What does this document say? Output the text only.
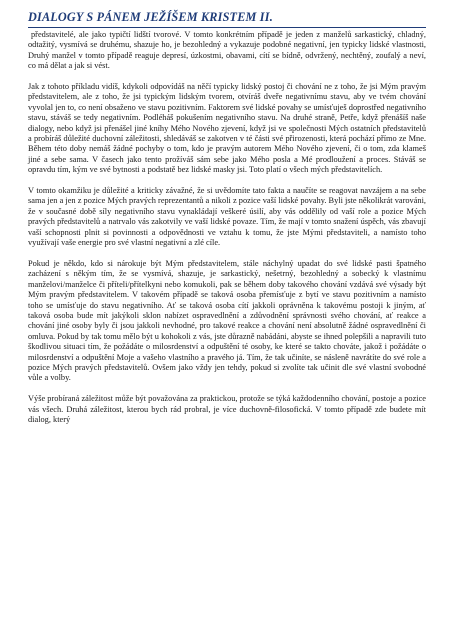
DIALOGY S PÁNEM JEŽÍŠEM KRISTEM II.

představitelé, ale jako typičtí lidští tvorové. V tomto konkrétním případě je jeden z manželů sarkastický, chladný, odtažitý, vysmívá se druhému, shazuje ho, je bezohledný a vykazuje podobné negativní, jen typicky lidské vlastnosti, Druhý manžel v tomto případě reaguje depresí, úzkostmi, obavami, cítí se bídně, odvržený, nechtěný, zoufalý a neví, co má dělat a jak si vést.

Jak z tohoto příkladu vidíš, kdykoli odpovídáš na něčí typicky lidský postoj či chování ne z toho, že jsi Mým pravým představitelem, ale z toho, že jsi typickým lidským tvorem, otvíráš dveře negativnímu stavu, aby ve tvém chování vyvolal jen to, co není obsaženo ve stavu pozitivním. Faktorem své lidské povahy se umísťuješ doprostřed negativního stavu, stáváš se tedy negativním. Podléháš pokušením negativního stavu. Na druhé straně, Petře, když přenášíš naše dialogy, nebo když jsi přenášel jiné kníhy Mého Nového zjevení, když jsi ve společnosti Mých ostatních představitelů a probíráš důležité duchovní záležitosti, shledáváš se zakotven v té části své přirozenosti, která pochází přímo ze Mne. Během této doby nemáš žádné pochyby o tom, kdo je pravým autorem Mého Nového zjevení, či o tom, zda klameš jiné a sebe sama. V časech jako tento prožíváš sám sebe jako Mého posla a Mé prodloužení a proces. Stáváš se opravdu tím, kým ve své bytnosti a podstatě bez lidské masky jsi. Toto platí o všech mých představitelích.

V tomto okamžiku je důležité a kriticky závažné, že si uvědomíte tato fakta a naučíte se reagovat navzájem a na sebe sama jen a jen z pozice Mých pravých reprezentantů a nikoli z pozice vaší lidské povahy. Byli jste několikrát varováni, že v současné době síly negativního stavu vynakládají veškeré úsilí, aby vás oddělily od vaší role a pozice Mých pravých představitelů a natrvalo vás zakotvily ve vaší lidské povaze. Tím, že mají v tomto snažení úspěch, vás zbavují vaší schopnosti plnit si povinnosti a odpovědnosti ve vztahu k tomu, že jste Mými představiteli, a namísto toho využívají vaše energie pro své vlastní negativní a zlé cíle.

Pokud je někdo, kdo si nárokuje být Mým představitelem, stále náchylný upadat do své lidské pasti špatného zacházení s někým tím, že se vysmívá, shazuje, je sarkastický, nešetrný, bezohledný a sobecký k vlastnímu manželovi/manželce či příteli/přítelkyni nebo komukoli, pak se během doby takového chování vzdává své výsady být Mým pravým představitelem. V takovém případě se taková osoba přemísťuje z bytí ve stavu pozitivním a namísto toho se umísťuje do stavu negativního. Ať se taková osoba cítí jakkoli oprávněna k takovému postoji k jiným, ať taková osoba bude mít jakýkoli sklon nabízet ospravedlnění a zdůvodnění správnosti svého chování, ať reakce a chování jiné osoby byly či jsou jakkoli nevhodné, pro takové reakce a chování není absolutně žádné ospravedlnění či omluva. Pokud by tak tomu mělo být u kohokoli z vás, jste důrazně nabádáni, abyste se ihned polepšili a napravili tuto škodlivou situaci tím, že požádáte o milosrdenství a odpuštění té osoby, ke které se takto chováte, jakož i požádáte o milosrdenství a odpuštění Moje a vašeho vlastního a pravého já. Tím, že tak učiníte, se násleně navrátíte do své role a pozice Mých pravých představitelů. Ovšem jako vždy jen tehdy, pokud si zvolíte tak učinit dle své vlastní svobodné vůle a volby.

Výše probíraná záležitost může být považována za praktickou, protože se týká každodenního chování, postoje a pozice vás všech. Druhá záležitost, kterou bych rád probral, je více duchovně-filosofická. V tomto případě zde budete mít dialog, který
